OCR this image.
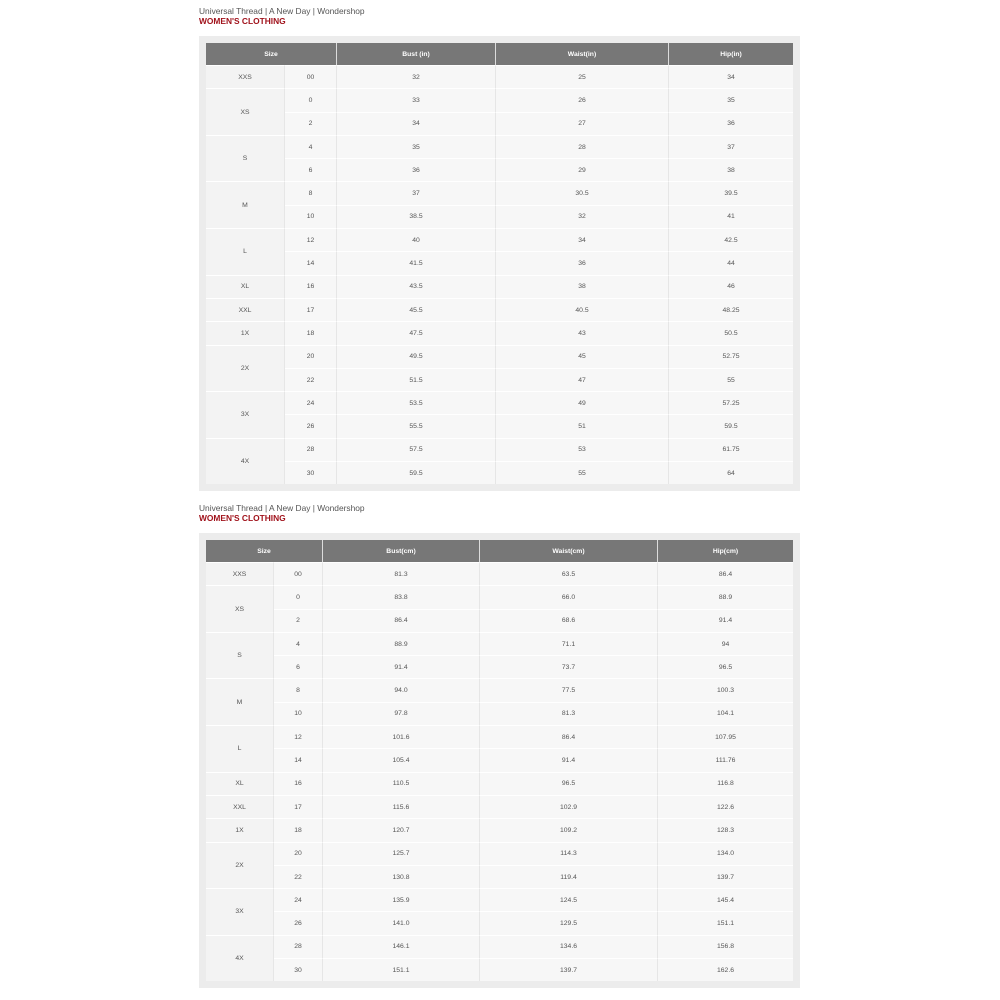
Universal Thread | A New Day | Wondershop
WOMEN'S CLOTHING
Size		Bust (in)	Waist(in)	Hip(in)
XXS	00	32	25	34
XS	0	33	26	35
	2	34	27	36
S	4	35	28	37
	6	36	29	38
M	8	37	30.5	39.5
	10	38.5	32	41
L	12	40	34	42.5
	14	41.5	36	44
XL	16	43.5	38	46
XXL	17	45.5	40.5	48.25
1X	18	47.5	43	50.5
2X	20	49.5	45	52.75
	22	51.5	47	55
3X	24	53.5	49	57.25
	26	55.5	51	59.5
4X	28	57.5	53	61.75
	30	59.5	55	64
Universal Thread | A New Day | Wondershop
WOMEN'S CLOTHING
Size		Bust(cm)	Waist(cm)	Hip(cm)
XXS	00	81.3	63.5	86.4
XS	0	83.8	66.0	88.9
	2	86.4	68.6	91.4
S	4	88.9	71.1	94
	6	91.4	73.7	96.5
M	8	94.0	77.5	100.3
	10	97.8	81.3	104.1
L	12	101.6	86.4	107.95
	14	105.4	91.4	111.76
XL	16	110.5	96.5	116.8
XXL	17	115.6	102.9	122.6
1X	18	120.7	109.2	128.3
2X	20	125.7	114.3	134.0
	22	130.8	119.4	139.7
3X	24	135.9	124.5	145.4
	26	141.0	129.5	151.1
4X	28	146.1	134.6	156.8
	30	151.1	139.7	162.6
